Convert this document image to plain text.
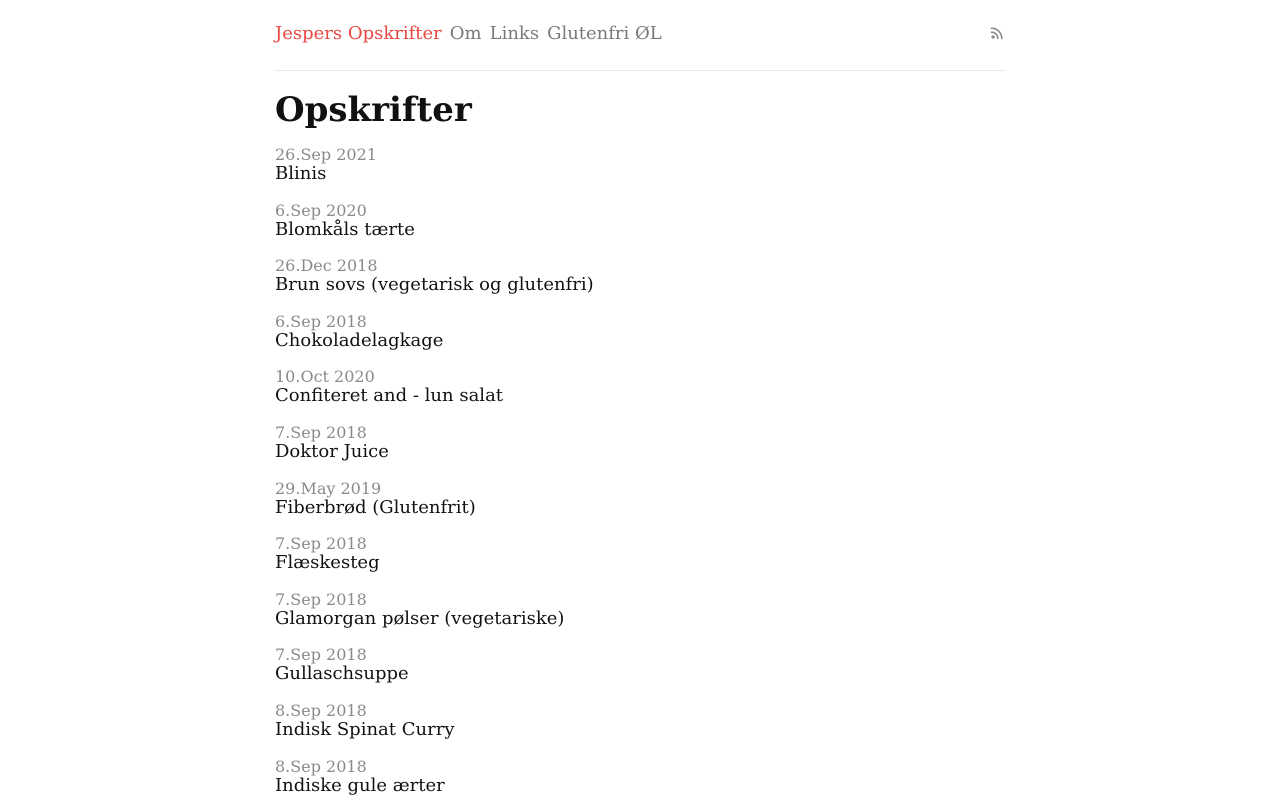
Jespers Opskrifter Om Links Glutenfri ØL
Opskrifter
26.Sep 2021
Blinis
6.Sep 2020
Blomkåls tærte
26.Dec 2018
Brun sovs (vegetarisk og glutenfri)
6.Sep 2018
Chokoladelagkage
10.Oct 2020
Confiteret and - lun salat
7.Sep 2018
Doktor Juice
29.May 2019
Fiberbrød (Glutenfrit)
7.Sep 2018
Flæskesteg
7.Sep 2018
Glamorgan pølser (vegetariske)
7.Sep 2018
Gullaschsuppe
8.Sep 2018
Indisk Spinat Curry
8.Sep 2018
Indiske gule ærter
